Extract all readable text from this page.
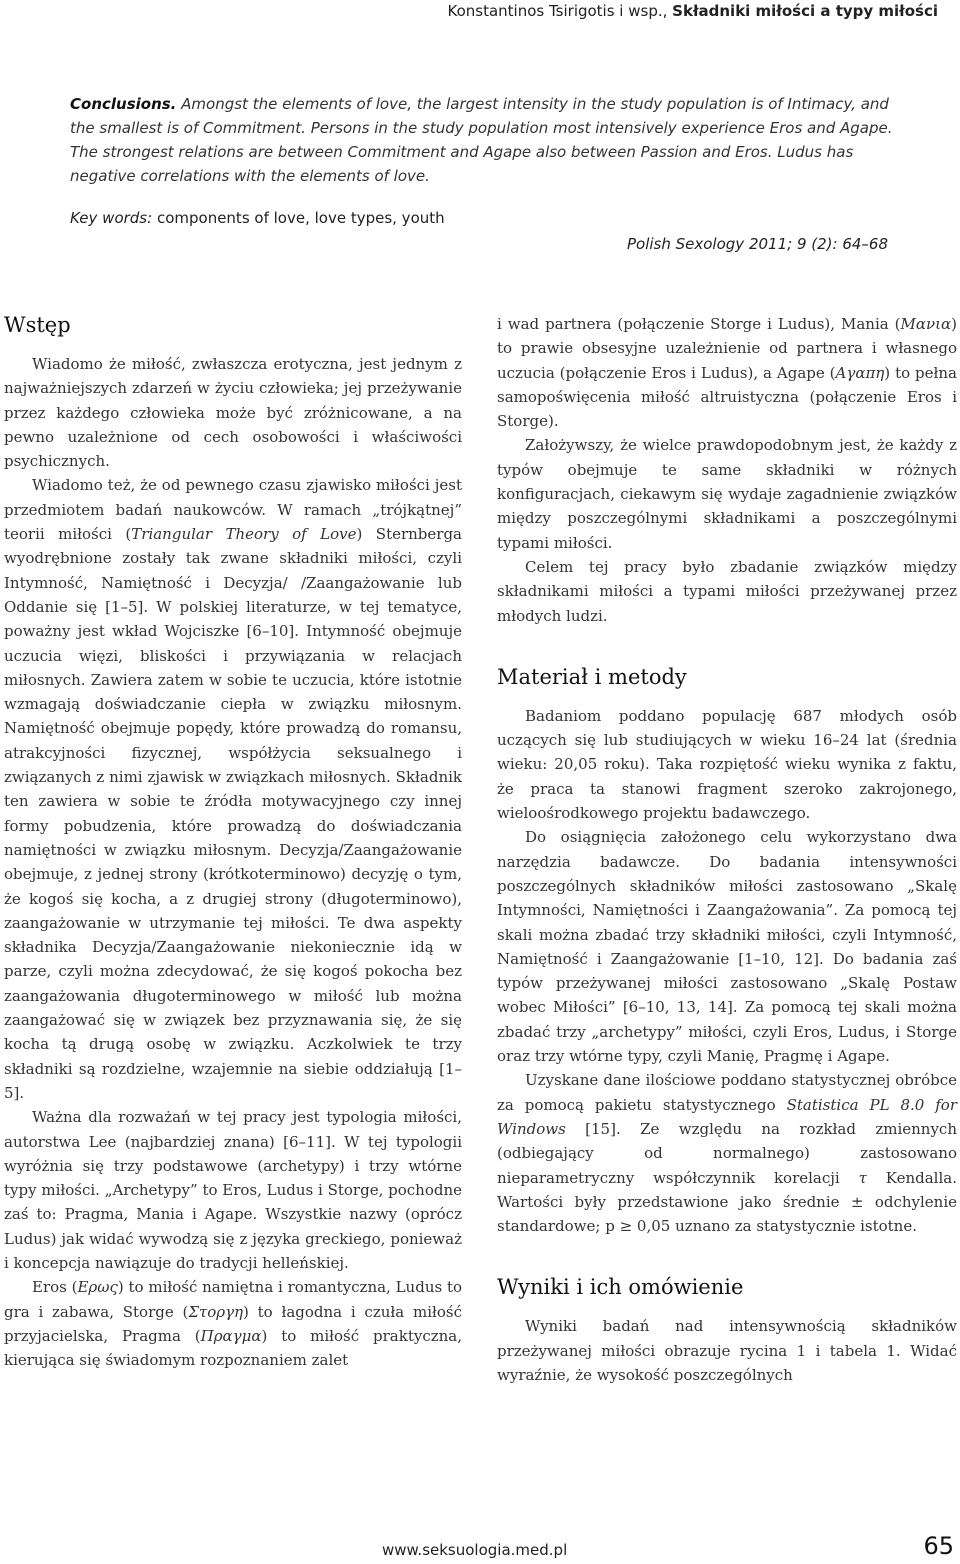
Konstantinos Tsirigotis i wsp., Składniki miłości a typy miłości
Conclusions. Amongst the elements of love, the largest intensity in the study population is of Intimacy, and the smallest is of Commitment. Persons in the study population most intensively experience Eros and Agape. The strongest relations are between Commitment and Agape also between Passion and Eros. Ludus has negative correlations with the elements of love.
Key words: components of love, love types, youth
Polish Sexology 2011; 9 (2): 64–68
Wstęp

Wiadomo że miłość, zwłaszcza erotyczna, jest jednym z najważniejszych zdarzeń w życiu człowieka; jej przeżywanie przez każdego człowieka może być zróżnicowane, a na pewno uzależnione od cech osobowości i właściwości psychicznych.

Wiadomo też, że od pewnego czasu zjawisko miłości jest przedmiotem badań naukowców. W ramach „trójkątnej” teorii miłości (Triangular Theory of Love) Sternberga wyodrębnione zostały tak zwane składniki miłości, czyli Intymność, Namiętność i Decyzja/ /Zaangażowanie lub Oddanie się [1–5]. W polskiej literaturze, w tej tematyce, poważny jest wkład Wojciszke [6–10]. Intymność obejmuje uczucia więzi, bliskości i przywiązania w relacjach miłosnych. Zawiera zatem w sobie te uczucia, które istotnie wzmagają doświadczanie ciepła w związku miłosnym. Namiętność obejmuje popędy, które prowadzą do romansu, atrakcyjności fizycznej, współżycia seksualnego i związanych z nimi zjawisk w związkach miłosnych. Składnik ten zawiera w sobie te źródła motywacyjnego czy innej formy pobudzenia, które prowadzą do doświadczania namiętności w związku miłosnym. Decyzja/Zaangażowanie obejmuje, z jednej strony (krótkoterminowo) decyzję o tym, że kogoś się kocha, a z drugiej strony (długoterminowo), zaangażowanie w utrzymanie tej miłości. Te dwa aspekty składnika Decyzja/Zaangażowanie niekoniecznie idą w parze, czyli można zdecydować, że się kogoś pokocha bez zaangażowania długoterminowego w miłość lub można zaangażować się w związek bez przyznawania się, że się kocha tą drugą osobę w związku. Aczkolwiek te trzy składniki są rozdzielne, wzajemnie na siebie oddziałują [1–5].

Ważna dla rozważań w tej pracy jest typologia miłości, autorstwa Lee (najbardziej znana) [6–11]. W tej typologii wyróżnia się trzy podstawowe (archetypy) i trzy wtórne typy miłości. „Archetypy” to Eros, Ludus i Storge, pochodne zaś to: Pragma, Mania i Agape. Wszystkie nazwy (oprócz Ludus) jak widać wywodzą się z języka greckiego, ponieważ i koncepcja nawiązuje do tradycji helleńskiej.

Eros (Ερως) to miłość namiętna i romantyczna, Ludus to gra i zabawa, Storge (Στοργη) to łagodna i czuła miłość przyjacielska, Pragma (Πραγμα) to miłość praktyczna, kierująca się świadomym rozpoznaniem zalet

i wad partnera (połączenie Storge i Ludus), Mania (Μανια) to prawie obsesyjne uzależnienie od partnera i własnego uczucia (połączenie Eros i Ludus), a Agape (Αγαπη) to pełna samopoświęcenia miłość altruistyczna (połączenie Eros i Storge).

Założywszy, że wielce prawdopodobnym jest, że każdy z typów obejmuje te same składniki w różnych konfiguracjach, ciekawym się wydaje zagadnienie związków między poszczególnymi składnikami a poszczególnymi typami miłości.

Celem tej pracy było zbadanie związków między składnikami miłości a typami miłości przeżywanej przez młodych ludzi.

Materiał i metody

Badaniom poddano populację 687 młodych osób uczących się lub studiujących w wieku 16–24 lat (średnia wieku: 20,05 roku). Taka rozpiętość wieku wynika z faktu, że praca ta stanowi fragment szeroko zakrojonego, wieloośrodkowego projektu badawczego.

Do osiągnięcia założonego celu wykorzystano dwa narzędzia badawcze. Do badania intensywności poszczególnych składników miłości zastosowano „Skalę Intymności, Namiętności i Zaangażowania”. Za pomocą tej skali można zbadać trzy składniki miłości, czyli Intymność, Namiętność i Zaangażowanie [1–10, 12]. Do badania zaś typów przeżywanej miłości zastosowano „Skalę Postaw wobec Miłości” [6–10, 13, 14]. Za pomocą tej skali można zbadać trzy „archetypy” miłości, czyli Eros, Ludus, i Storge oraz trzy wtórne typy, czyli Manię, Pragmę i Agape.

Uzyskane dane ilościowe poddano statystycznej obróbce za pomocą pakietu statystycznego Statistica PL 8.0 for Windows [15]. Ze względu na rozkład zmiennych (odbiegający od normalnego) zastosowano nieparametryczny współczynnik korelacji τ Kendalla. Wartości były przedstawione jako średnie ± odchylenie standardowe; p ≥ 0,05 uznano za statystycznie istotne.

Wyniki i ich omówienie

Wyniki badań nad intensywnością składników przeżywanej miłości obrazuje rycina 1 i tabela 1. Widać wyraźnie, że wysokość poszczególnych

www.seksuologia.med.pl	65
